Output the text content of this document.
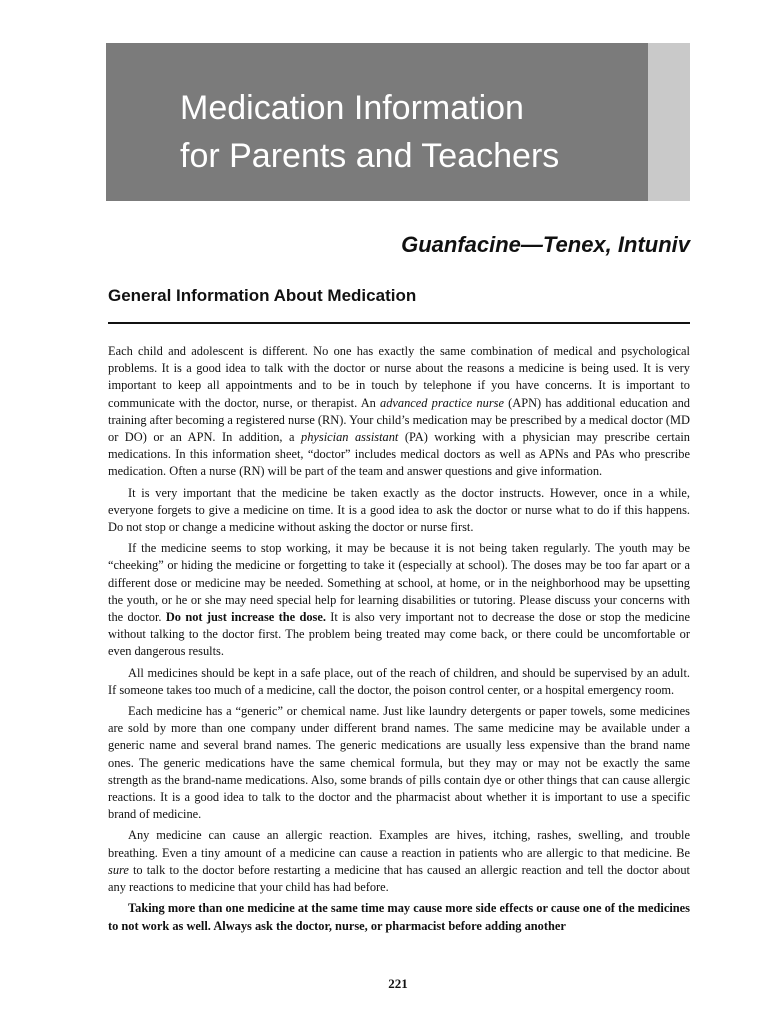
Medication Information
for Parents and Teachers
Guanfacine—Tenex, Intuniv
General Information About Medication

Each child and adolescent is different. No one has exactly the same combination of medical and psychological problems. It is a good idea to talk with the doctor or nurse about the reasons a medicine is being used. It is very important to keep all appointments and to be in touch by telephone if you have concerns. It is important to communicate with the doctor, nurse, or therapist. An advanced practice nurse (APN) has additional education and training after becoming a registered nurse (RN). Your child’s medication may be prescribed by a medical doctor (MD or DO) or an APN. In addition, a physician assistant (PA) working with a physician may prescribe certain medications. In this information sheet, “doctor” includes medical doctors as well as APNs and PAs who prescribe medication. Often a nurse (RN) will be part of the team and answer questions and give information.

It is very important that the medicine be taken exactly as the doctor instructs. However, once in a while, everyone forgets to give a medicine on time. It is a good idea to ask the doctor or nurse what to do if this happens. Do not stop or change a medicine without asking the doctor or nurse first.

If the medicine seems to stop working, it may be because it is not being taken regularly. The youth may be “cheeking” or hiding the medicine or forgetting to take it (especially at school). The doses may be too far apart or a different dose or medicine may be needed. Something at school, at home, or in the neighborhood may be upsetting the youth, or he or she may need special help for learning disabilities or tutoring. Please discuss your concerns with the doctor. Do not just increase the dose. It is also very important not to decrease the dose or stop the medicine without talking to the doctor first. The problem being treated may come back, or there could be uncomfortable or even dangerous results.

All medicines should be kept in a safe place, out of the reach of children, and should be supervised by an adult. If someone takes too much of a medicine, call the doctor, the poison control center, or a hospital emergency room.

Each medicine has a “generic” or chemical name. Just like laundry detergents or paper towels, some medicines are sold by more than one company under different brand names. The same medicine may be available under a generic name and several brand names. The generic medications are usually less expensive than the brand name ones. The generic medications have the same chemical formula, but they may or may not be exactly the same strength as the brand-name medications. Also, some brands of pills contain dye or other things that can cause allergic reactions. It is a good idea to talk to the doctor and the pharmacist about whether it is important to use a specific brand of medicine.

Any medicine can cause an allergic reaction. Examples are hives, itching, rashes, swelling, and trouble breathing. Even a tiny amount of a medicine can cause a reaction in patients who are allergic to that medicine. Be sure to talk to the doctor before restarting a medicine that has caused an allergic reaction and tell the doctor about any reactions to medicine that your child has had before.

Taking more than one medicine at the same time may cause more side effects or cause one of the medicines to not work as well. Always ask the doctor, nurse, or pharmacist before adding another

221
